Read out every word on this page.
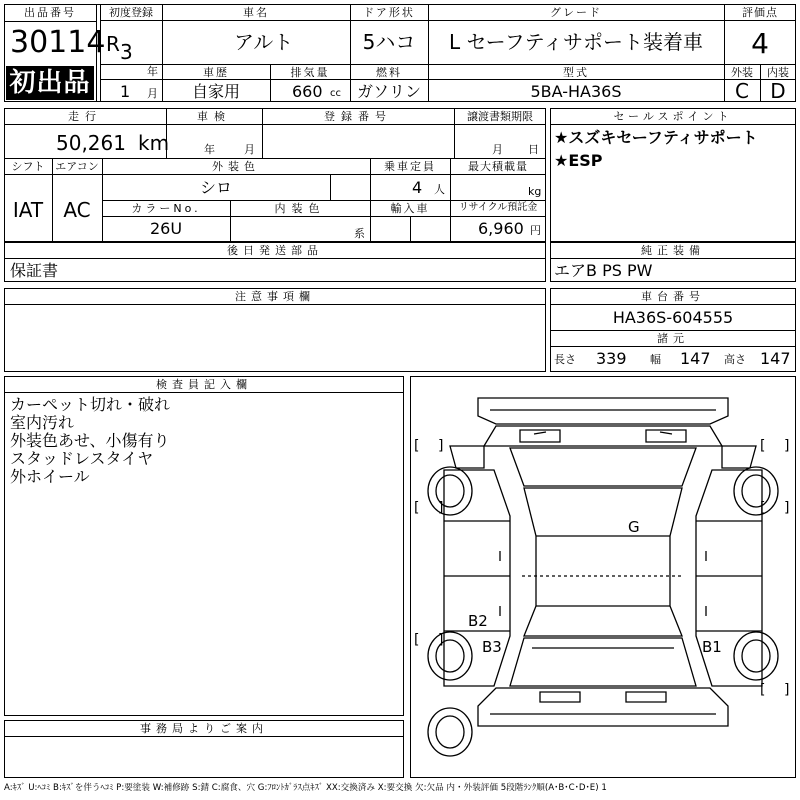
出品番号
30114
初出品
初度登録
R 3
年
1 月
車名
アルト
ドア形状
5ハコ
グレード
L セーフティサポート装着車
評価点
4
車歴
自家用
排気量
660 cc
燃料
ガソリン
型式
5BA-HA36S
外装
C
内装
D
走行
50,261 km
車検
年 月
登録番号	譲渡書類期限
月 日
シフト
IAT
エアコン
AC
外装色
シロ
乗車定員
4 人
最大積載量
kg
カラーNo.
26U
内装色
系
輸入車	リサイクル預託金
6,960 円
セールスポイント
★スズキセーフティサポート
★ESP
後日発送部品
保証書
純正装備
エアB PS PW
注意事項欄	車台番号
HA36S-604555
諸元
長さ 339 幅 147 高さ 147
検査員記入欄
カーペット切れ・破れ
室内汚れ
外装色あせ、小傷有り
スタッドレスタイヤ
外ホイール
事務局よりご案内
[ ]	[ ]
[ ]	[ ]
[ ]
[ ]
G
B2
B3	B1
A:ｷｽﾞ U:ﾍｺﾐ B:ｷｽﾞを伴うﾍｺﾐ P:要塗装 W:補修跡 S:錆 C:腐食、穴 G:ﾌﾛﾝﾄｶﾞﾗｽ点ｷｽﾞ XX:交換済み X:要交換 欠:欠品 内・外装評価 5段階ﾗﾝｸ順(A･B･C･D･E) 1
